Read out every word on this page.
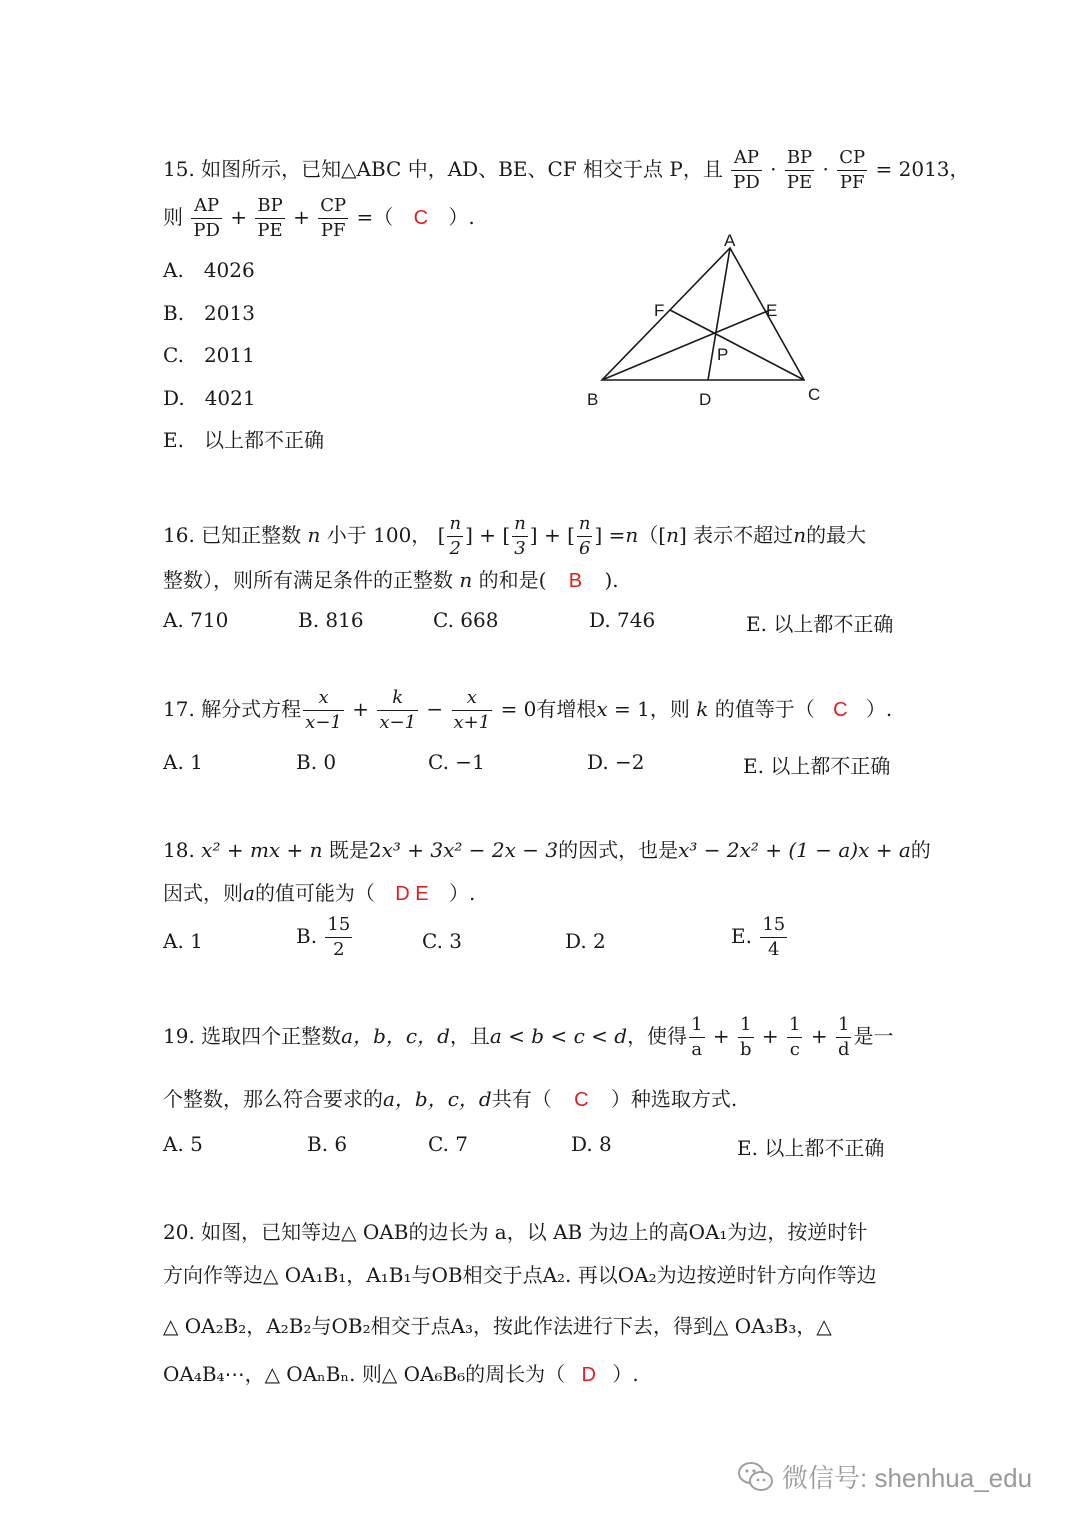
15. 如图所示，已知△ABC 中，AD、BE、CF 相交于点 P，且 $\frac{AP}{PD} \cdot \frac{BP}{PE} \cdot \frac{CP}{PF} = 2013$，
则 $\frac{AP}{PD} + \frac{BP}{PE} + \frac{CP}{PF}$ =（ C ）.
A.　4026
B.　2013
C.　2011
D.　4021
E.　以上都不正确
A
B	C
D
E
F
P
16. 已知正整数 n 小于 100， [ $\frac{n}{2}$ ] + [ $\frac{n}{3}$ ] + [ $\frac{n}{6}$ ] =n（[n] 表示不超过n的最大
整数），则所有满足条件的正整数 n 的和是( B ).
A. 710	B. 816	C. 668	D. 746	E. 以上都不正确
17. 解分式方程 $\frac{x}{x-1} + \frac{k}{x-1} - \frac{x}{x+1} = 0$有增根x = 1，则 k 的值等于（ C ）.
A. 1	B. 0	C. −1	D. −2	E. 以上都不正确
18. x² + mx + n 既是2x³ + 3x² − 2x − 3的因式，也是x³ − 2x² + (1 − a)x + a的
因式，则a的值可能为（ D E ）.
A. 1	B. $\frac{15}{2}$	C. 3	D. 2	E. $\frac{15}{4}$
19. 选取四个正整数a，b，c，d，且a < b < c < d，使得 $\frac{1}{a} + \frac{1}{b} + \frac{1}{c} + \frac{1}{d}$ 是一
个整数，那么符合要求的a，b，c，d共有（ C ）种选取方式.
A. 5	B. 6	C. 7	D. 8	E. 以上都不正确
20. 如图，已知等边△ OAB的边长为 a，以 AB 为边上的高OA₁为边，按逆时针
方向作等边△ OA₁B₁，A₁B₁与OB相交于点A₂. 再以OA₂为边按逆时针方向作等边
△ OA₂B₂，A₂B₂与OB₂相交于点A₃，按此作法进行下去，得到△ OA₃B₃，△
OA₄B₄⋯，△ OAₙBₙ. 则△ OA₆B₆的周长为（ D ）.
微信号: shenhua_edu
